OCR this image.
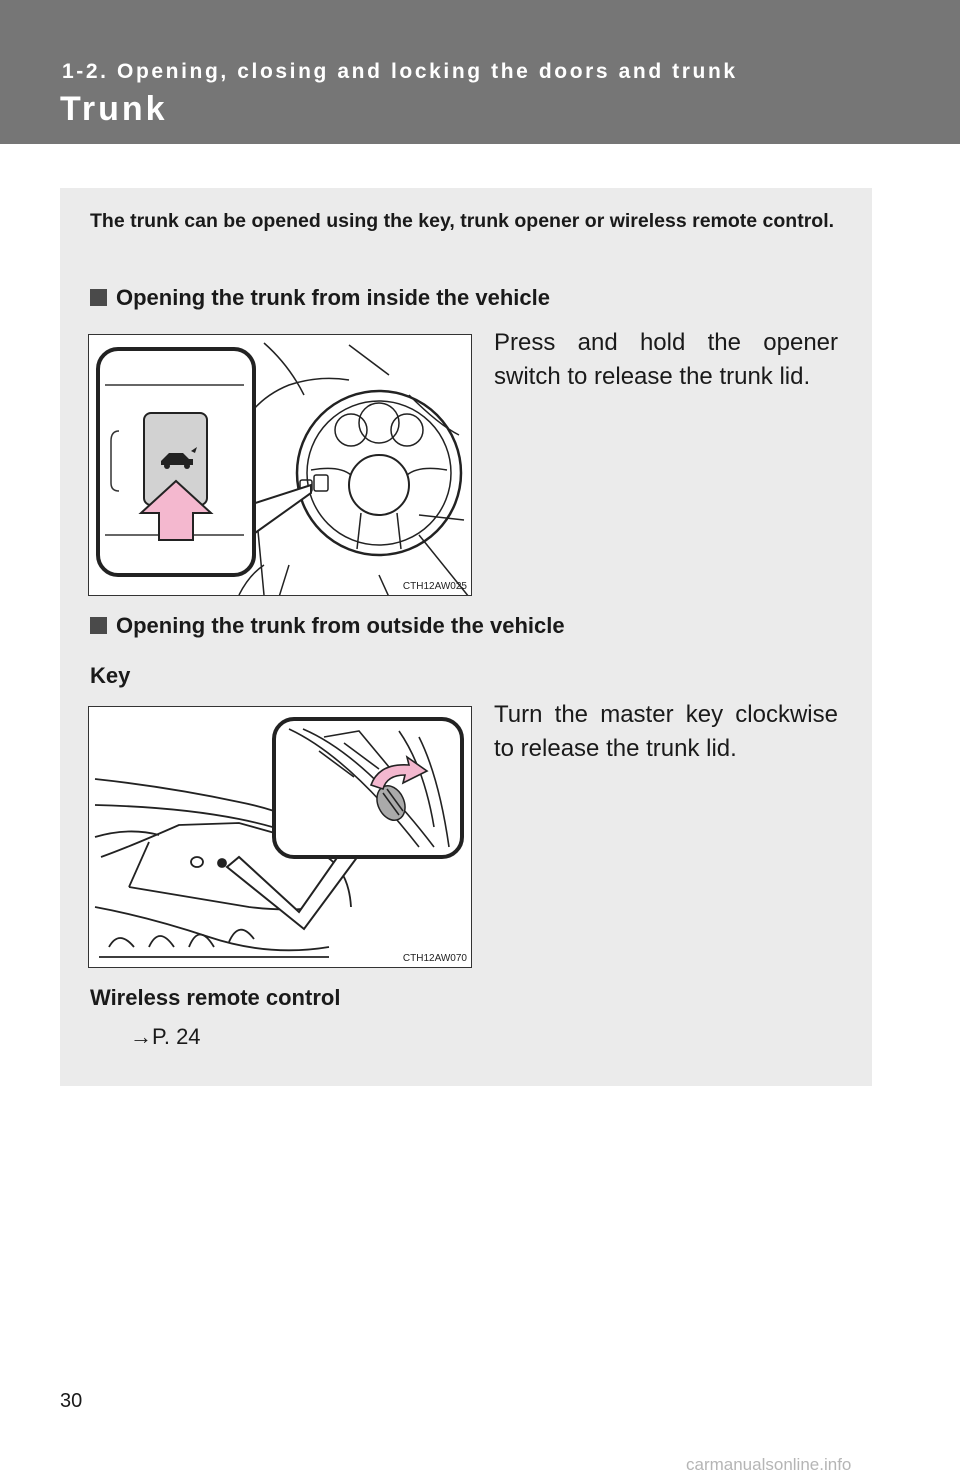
1-2. Opening, closing and locking the doors and trunk
Trunk
The trunk can be opened using the key, trunk opener or wireless remote control.
Opening the trunk from inside the vehicle
CTH12AW025
Press and hold the opener switch to release the trunk lid.
Opening the trunk from outside the vehicle
Key
CTH12AW070
Turn the master key clockwise to release the trunk lid.
Wireless remote control
→P. 24
30
carmanualsonline.info
